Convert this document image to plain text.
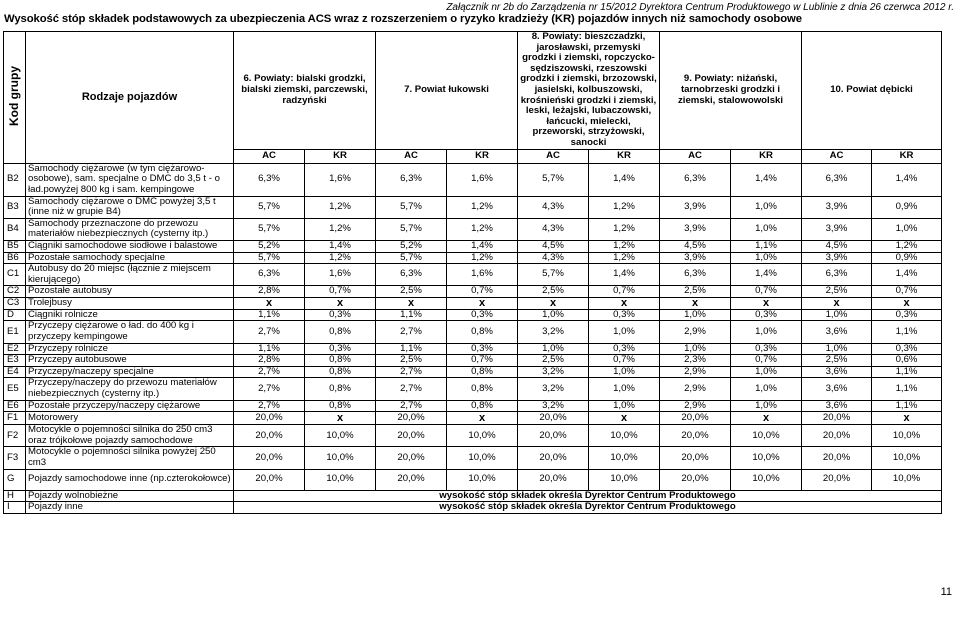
Załącznik nr 2b do Zarządzenia nr 15/2012 Dyrektora Centrum Produktowego w Lublinie z dnia 26 czerwca 2012 r.
Wysokość stóp składek podstawowych za ubezpieczenia ACS wraz z rozszerzeniem o ryzyko kradzieży (KR) pojazdów innych niż samochody osobowe
Kod grupy	Rodzaje pojazdów	6. Powiaty: bialski grodzki, bialski ziemski, parczewski, radzyński		7. Powiat łukowski		8. Powiaty: bieszczadzki, jarosławski, przemyski grodzki i ziemski, ropczycko-sędziszowski, rzeszowski grodzki i ziemski, brzozowski, jasielski, kolbuszowski, krośnieński grodzki i ziemski, leski, leżajski, lubaczowski, łańcucki, mielecki, przeworski, strzyżowski, sanocki		9. Powiaty: niżański, tarnobrzeski grodzki i ziemski, stalowowolski		10. Powiat dębicki	
		AC	KR	AC	KR	AC	KR	AC	KR	AC	KR
B2	Samochody ciężarowe (w tym ciężarowo-osobowe), sam. specjalne o DMC do 3,5 t - o ład.powyżej 800 kg i sam. kempingowe	6,3%	1,6%	6,3%	1,6%	5,7%	1,4%	6,3%	1,4%	6,3%	1,4%
B3	Samochody ciężarowe o DMC powyżej 3,5 t (inne niż w grupie B4)	5,7%	1,2%	5,7%	1,2%	4,3%	1,2%	3,9%	1,0%	3,9%	0,9%
B4	Samochody przeznaczone do przewozu materiałów niebezpiecznych (cysterny itp.)	5,7%	1,2%	5,7%	1,2%	4,3%	1,2%	3,9%	1,0%	3,9%	1,0%
B5	Ciągniki samochodowe siodłowe i balastowe	5,2%	1,4%	5,2%	1,4%	4,5%	1,2%	4,5%	1,1%	4,5%	1,2%
B6	Pozostałe samochody specjalne	5,7%	1,2%	5,7%	1,2%	4,3%	1,2%	3,9%	1,0%	3,9%	0,9%
C1	Autobusy do 20 miejsc (łącznie z miejscem kierującego)	6,3%	1,6%	6,3%	1,6%	5,7%	1,4%	6,3%	1,4%	6,3%	1,4%
C2	Pozostałe autobusy	2,8%	0,7%	2,5%	0,7%	2,5%	0,7%	2,5%	0,7%	2,5%	0,7%
C3	Trolejbusy	x	x	x	x	x	x	x	x	x	x
D	Ciągniki rolnicze	1,1%	0,3%	1,1%	0,3%	1,0%	0,3%	1,0%	0,3%	1,0%	0,3%
E1	Przyczepy ciężarowe o ład. do 400 kg i przyczepy kempingowe	2,7%	0,8%	2,7%	0,8%	3,2%	1,0%	2,9%	1,0%	3,6%	1,1%
E2	Przyczepy rolnicze	1,1%	0,3%	1,1%	0,3%	1,0%	0,3%	1,0%	0,3%	1,0%	0,3%
E3	Przyczepy autobusowe	2,8%	0,8%	2,5%	0,7%	2,5%	0,7%	2,3%	0,7%	2,5%	0,6%
E4	Przyczepy/naczepy specjalne	2,7%	0,8%	2,7%	0,8%	3,2%	1,0%	2,9%	1,0%	3,6%	1,1%
E5	Przyczepy/naczepy do przewozu materiałów niebezpiecznych (cysterny itp.)	2,7%	0,8%	2,7%	0,8%	3,2%	1,0%	2,9%	1,0%	3,6%	1,1%
E6	Pozostałe przyczepy/naczepy ciężarowe	2,7%	0,8%	2,7%	0,8%	3,2%	1,0%	2,9%	1,0%	3,6%	1,1%
F1	Motorowery	20,0%	x	20,0%	x	20,0%	x	20,0%	x	20,0%	x
F2	Motocykle o pojemności silnika do 250 cm3 oraz trójkołowe pojazdy samochodowe	20,0%	10,0%	20,0%	10,0%	20,0%	10,0%	20,0%	10,0%	20,0%	10,0%
F3	Motocykle o pojemności silnika powyżej 250 cm3	20,0%	10,0%	20,0%	10,0%	20,0%	10,0%	20,0%	10,0%	20,0%	10,0%
G	Pojazdy samochodowe inne (np.czterokołowce)	20,0%	10,0%	20,0%	10,0%	20,0%	10,0%	20,0%	10,0%	20,0%	10,0%
H	Pojazdy wolnobieżne	wysokość stóp składek określa Dyrektor Centrum Produktowego									
I	Pojazdy inne	wysokość stóp składek określa Dyrektor Centrum Produktowego									
11
